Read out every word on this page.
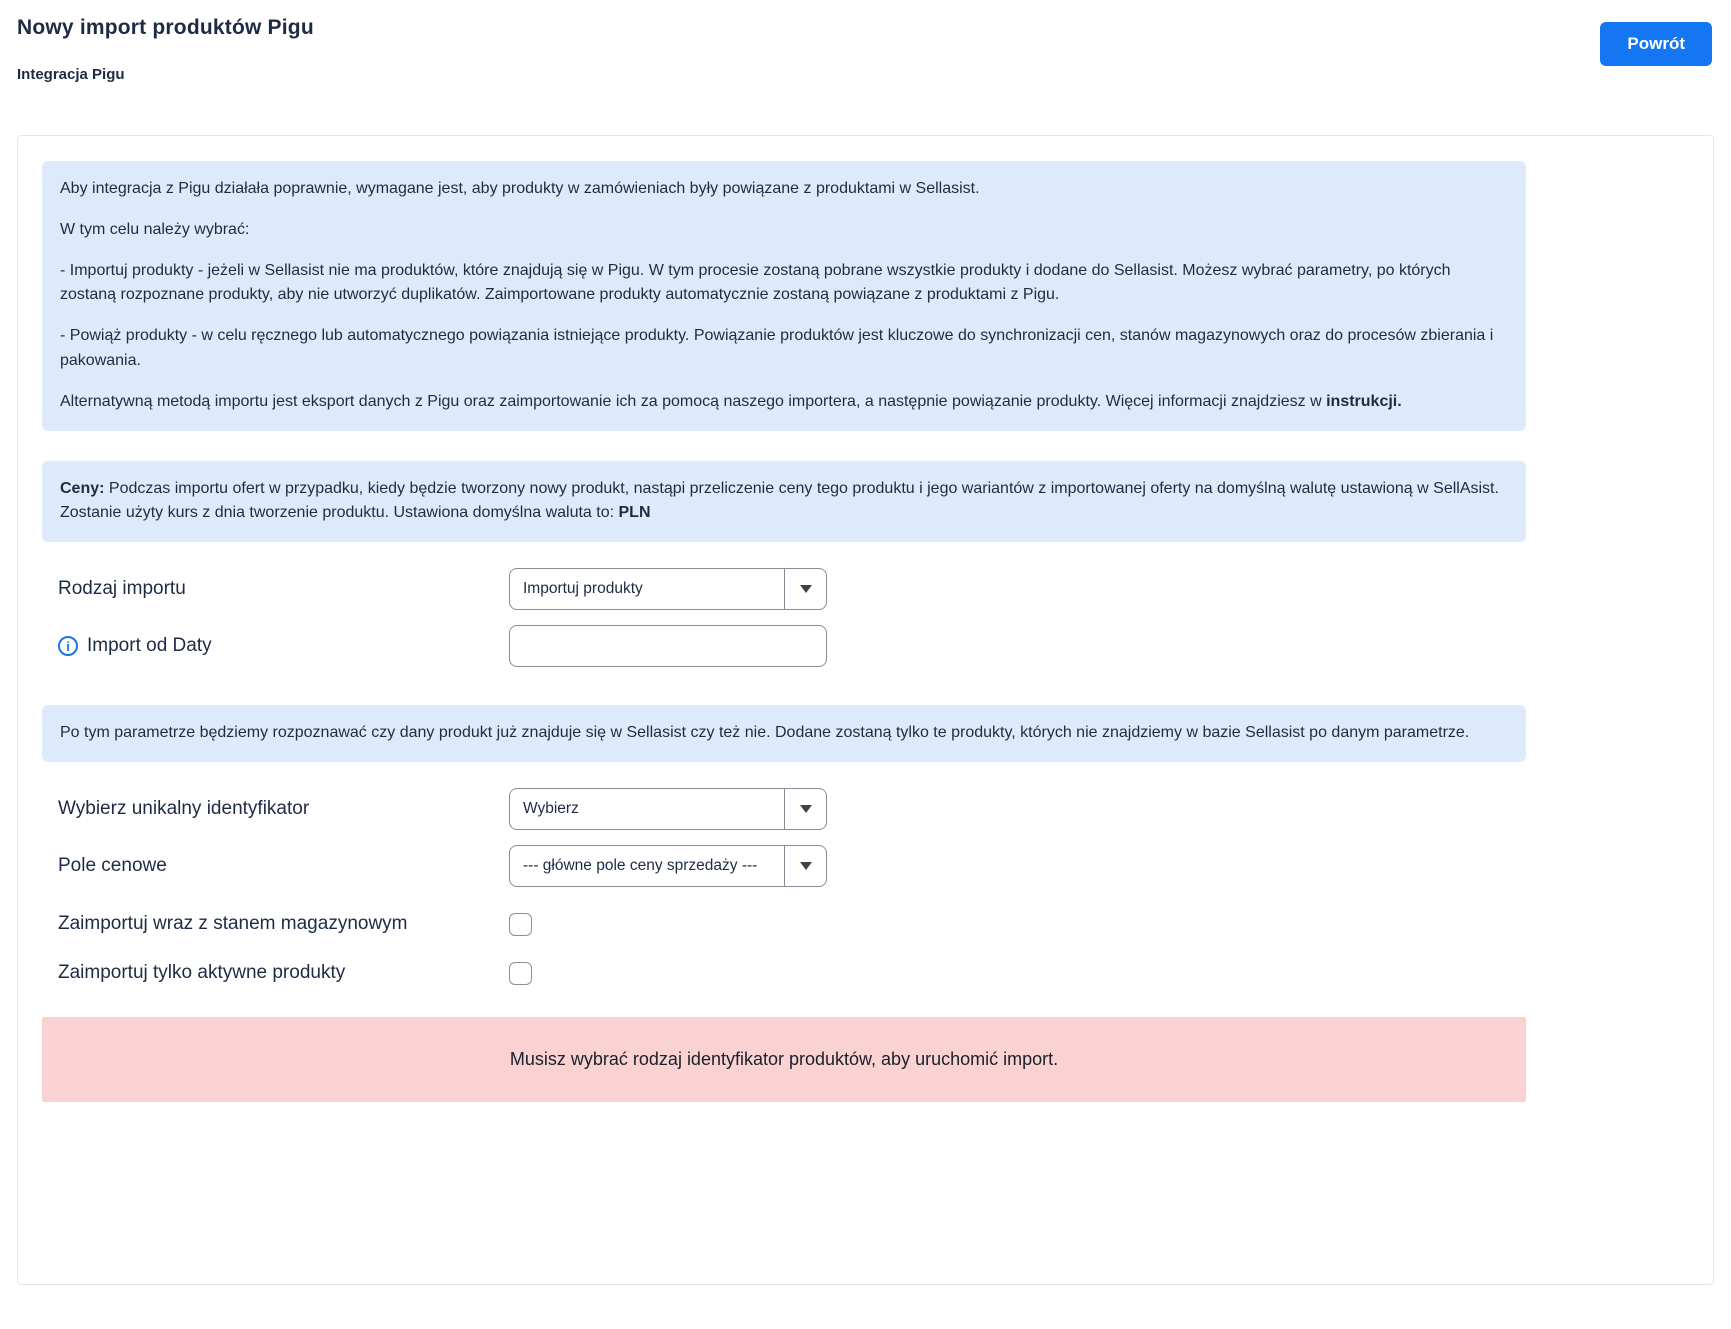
Nowy import produktów Pigu
Integracja Pigu
Powrót

Aby integracja z Pigu działała poprawnie, wymagane jest, aby produkty w zamówieniach były powiązane z produktami w Sellasist.

W tym celu należy wybrać:

- Importuj produkty - jeżeli w Sellasist nie ma produktów, które znajdują się w Pigu. W tym procesie zostaną pobrane wszystkie produkty i dodane do Sellasist. Możesz wybrać parametry, po których zostaną rozpoznane produkty, aby nie utworzyć duplikatów. Zaimportowane produkty automatycznie zostaną powiązane z produktami z Pigu.

- Powiąż produkty - w celu ręcznego lub automatycznego powiązania istniejące produkty. Powiązanie produktów jest kluczowe do synchronizacji cen, stanów magazynowych oraz do procesów zbierania i pakowania.

Alternatywną metodą importu jest eksport danych z Pigu oraz zaimportowanie ich za pomocą naszego importera, a następnie powiązanie produkty. Więcej informacji znajdziesz w instrukcji.

Ceny: Podczas importu ofert w przypadku, kiedy będzie tworzony nowy produkt, nastąpi przeliczenie ceny tego produktu i jego wariantów z importowanej oferty na domyślną walutę ustawioną w SellAsist. Zostanie użyty kurs z dnia tworzenie produktu. Ustawiona domyślna waluta to: PLN

Rodzaj importu	Importuj produkty
i Import od Daty

Po tym parametrze będziemy rozpoznawać czy dany produkt już znajduje się w Sellasist czy też nie. Dodane zostaną tylko te produkty, których nie znajdziemy w bazie Sellasist po danym parametrze.

Wybierz unikalny identyfikator	Wybierz
Pole cenowe	--- główne pole ceny sprzedaży ---
Zaimportuj wraz z stanem magazynowym
Zaimportuj tylko aktywne produkty
Musisz wybrać rodzaj identyfikator produktów, aby uruchomić import.
